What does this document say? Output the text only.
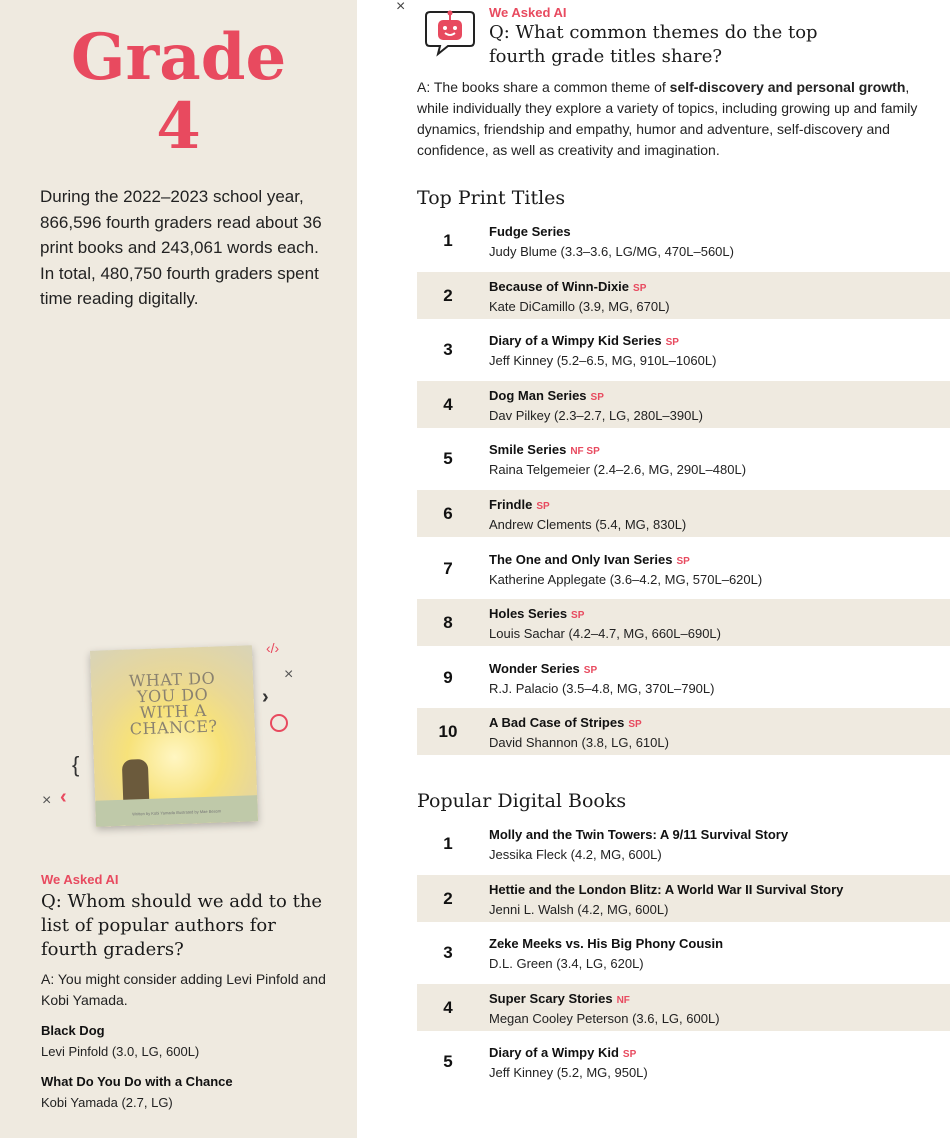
Grade
4
During the 2022–2023 school year, 866,596 fourth graders read about 36 print books and 243,061 words each. In total, 480,750 fourth graders spent time reading digitally.
WHAT DO
YOU DO
WITH A
CHANCE?
Written by Kobi Yamada Illustrated by Mae Besom
‹/›
×
›
{
× ‹
We Asked AI
Q: Whom should we add to the list of popular authors for fourth graders?
A: You might consider adding Levi Pinfold and Kobi Yamada.
Black Dog
Levi Pinfold (3.0, LG, 600L)
What Do You Do with a Chance
Kobi Yamada (2.7, LG)
×	We Asked AI
Q: What common themes do the top fourth grade titles share?
A: The books share a common theme of self-discovery and personal growth, while individually they explore a variety of topics, including growing up and family dynamics, friendship and empathy, humor and adventure, self-discovery and confidence, as well as creativity and imagination.
Top Print Titles
1	Fudge Series
Judy Blume (3.3–3.6, LG/MG, 470L–560L)
2	Because of Winn-Dixie SP
Kate DiCamillo (3.9, MG, 670L)
3	Diary of a Wimpy Kid Series SP
Jeff Kinney (5.2–6.5, MG, 910L–1060L)
4	Dog Man Series SP
Dav Pilkey (2.3–2.7, LG, 280L–390L)
5	Smile Series NF SP
Raina Telgemeier (2.4–2.6, MG, 290L–480L)
6	Frindle SP
Andrew Clements (5.4, MG, 830L)
7	The One and Only Ivan Series SP
Katherine Applegate (3.6–4.2, MG, 570L–620L)
8	Holes Series SP
Louis Sachar (4.2–4.7, MG, 660L–690L)
9	Wonder Series SP
R.J. Palacio (3.5–4.8, MG, 370L–790L)
10	A Bad Case of Stripes SP
David Shannon (3.8, LG, 610L)
Popular Digital Books
1	Molly and the Twin Towers: A 9/11 Survival Story
Jessika Fleck (4.2, MG, 600L)
2	Hettie and the London Blitz: A World War II Survival Story
Jenni L. Walsh (4.2, MG, 600L)
3	Zeke Meeks vs. His Big Phony Cousin
D.L. Green (3.4, LG, 620L)
4	Super Scary Stories NF
Megan Cooley Peterson (3.6, LG, 600L)
5	Diary of a Wimpy Kid SP
Jeff Kinney (5.2, MG, 950L)
